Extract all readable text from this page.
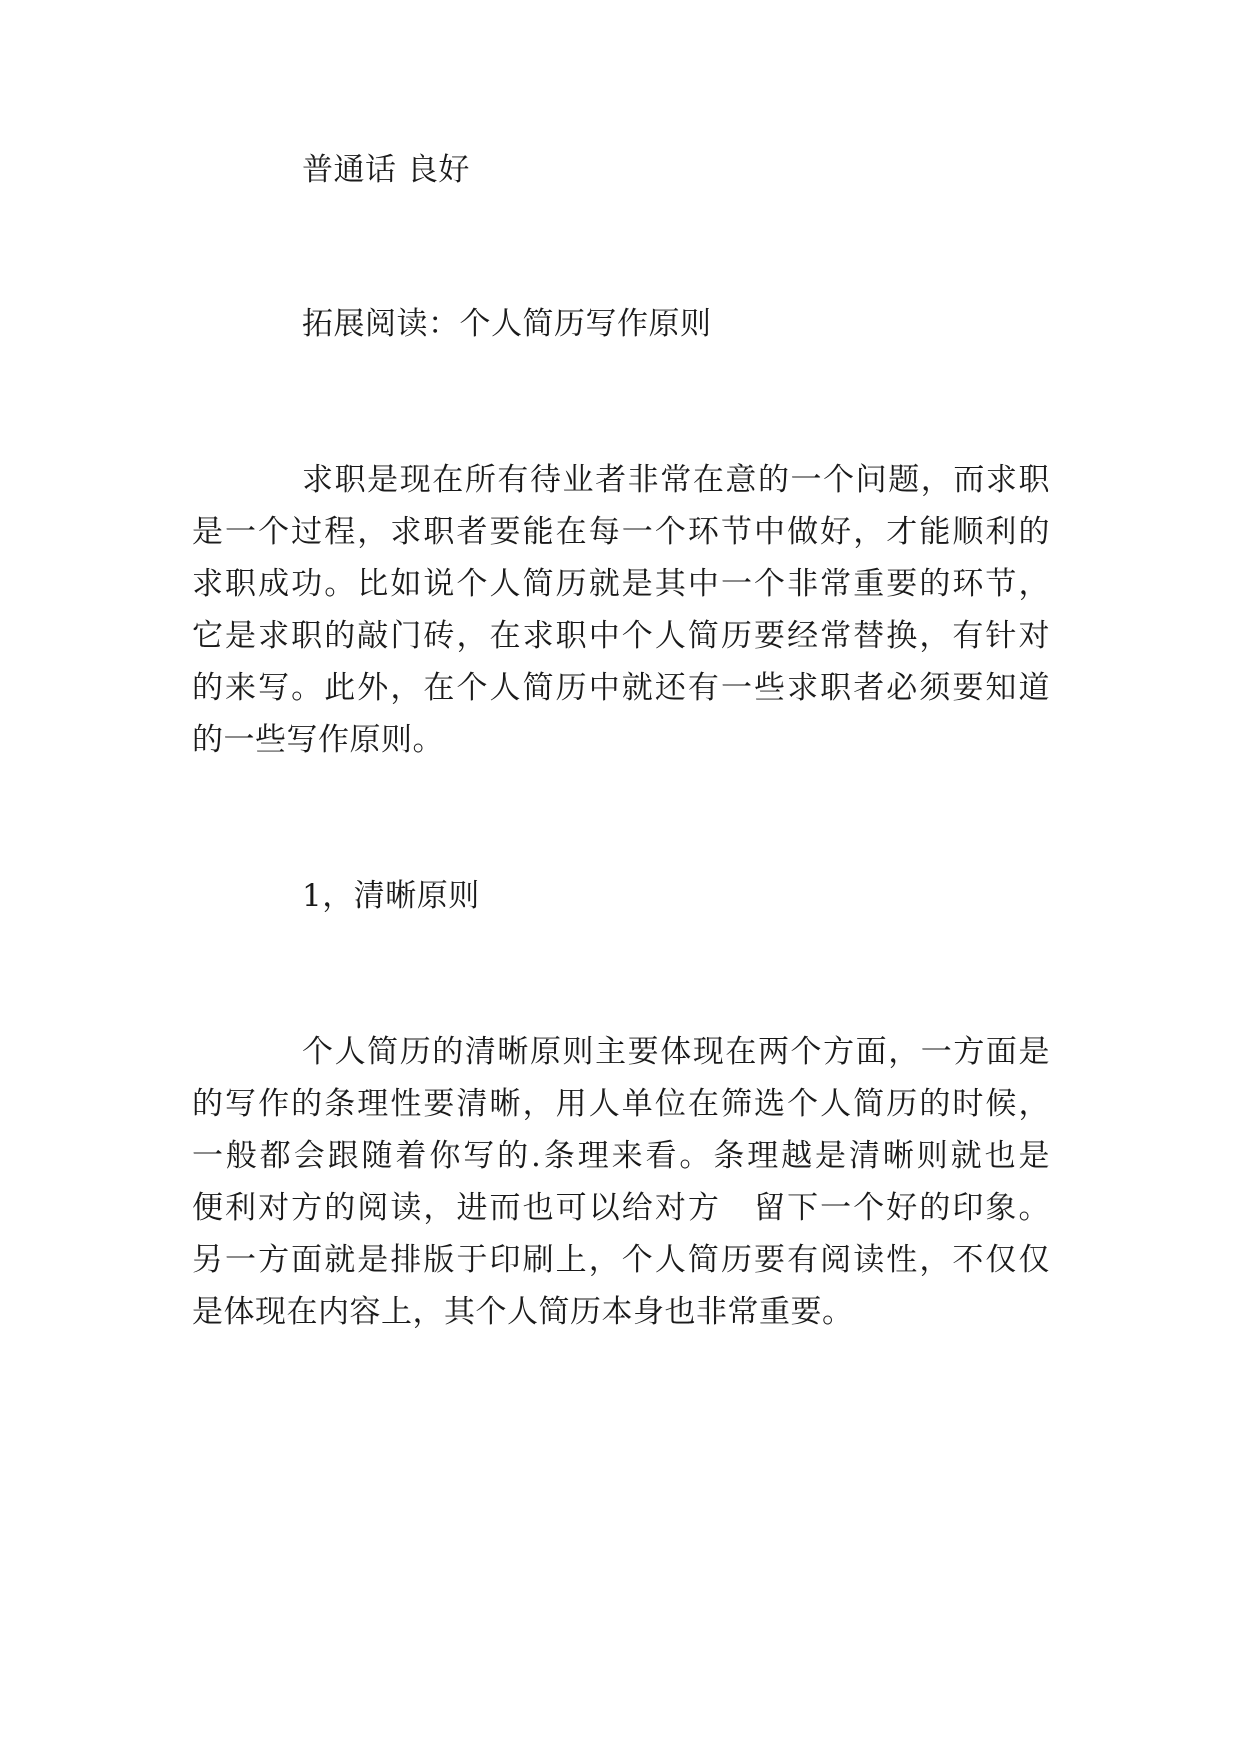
普通话 良好
拓展阅读：个人简历写作原则
求职是现在所有待业者非常在意的一个问题，而求职
是一个过程，求职者要能在每一个环节中做好，才能顺利的
求职成功。比如说个人简历就是其中一个非常重要的环节，
它是求职的敲门砖，在求职中个人简历要经常替换，有针对
的来写。此外，在个人简历中就还有一些求职者必须要知道
的一些写作原则。
1，清晰原则
个人简历的清晰原则主要体现在两个方面，一方面是
的写作的条理性要清晰，用人单位在筛选个人简历的时候，
一般都会跟随着你写的.条理来看。条理越是清晰则就也是
便利对方的阅读，进而也可以给对方　留下一个好的印象。
另一方面就是排版于印刷上，个人简历要有阅读性，不仅仅
是体现在内容上，其个人简历本身也非常重要。
